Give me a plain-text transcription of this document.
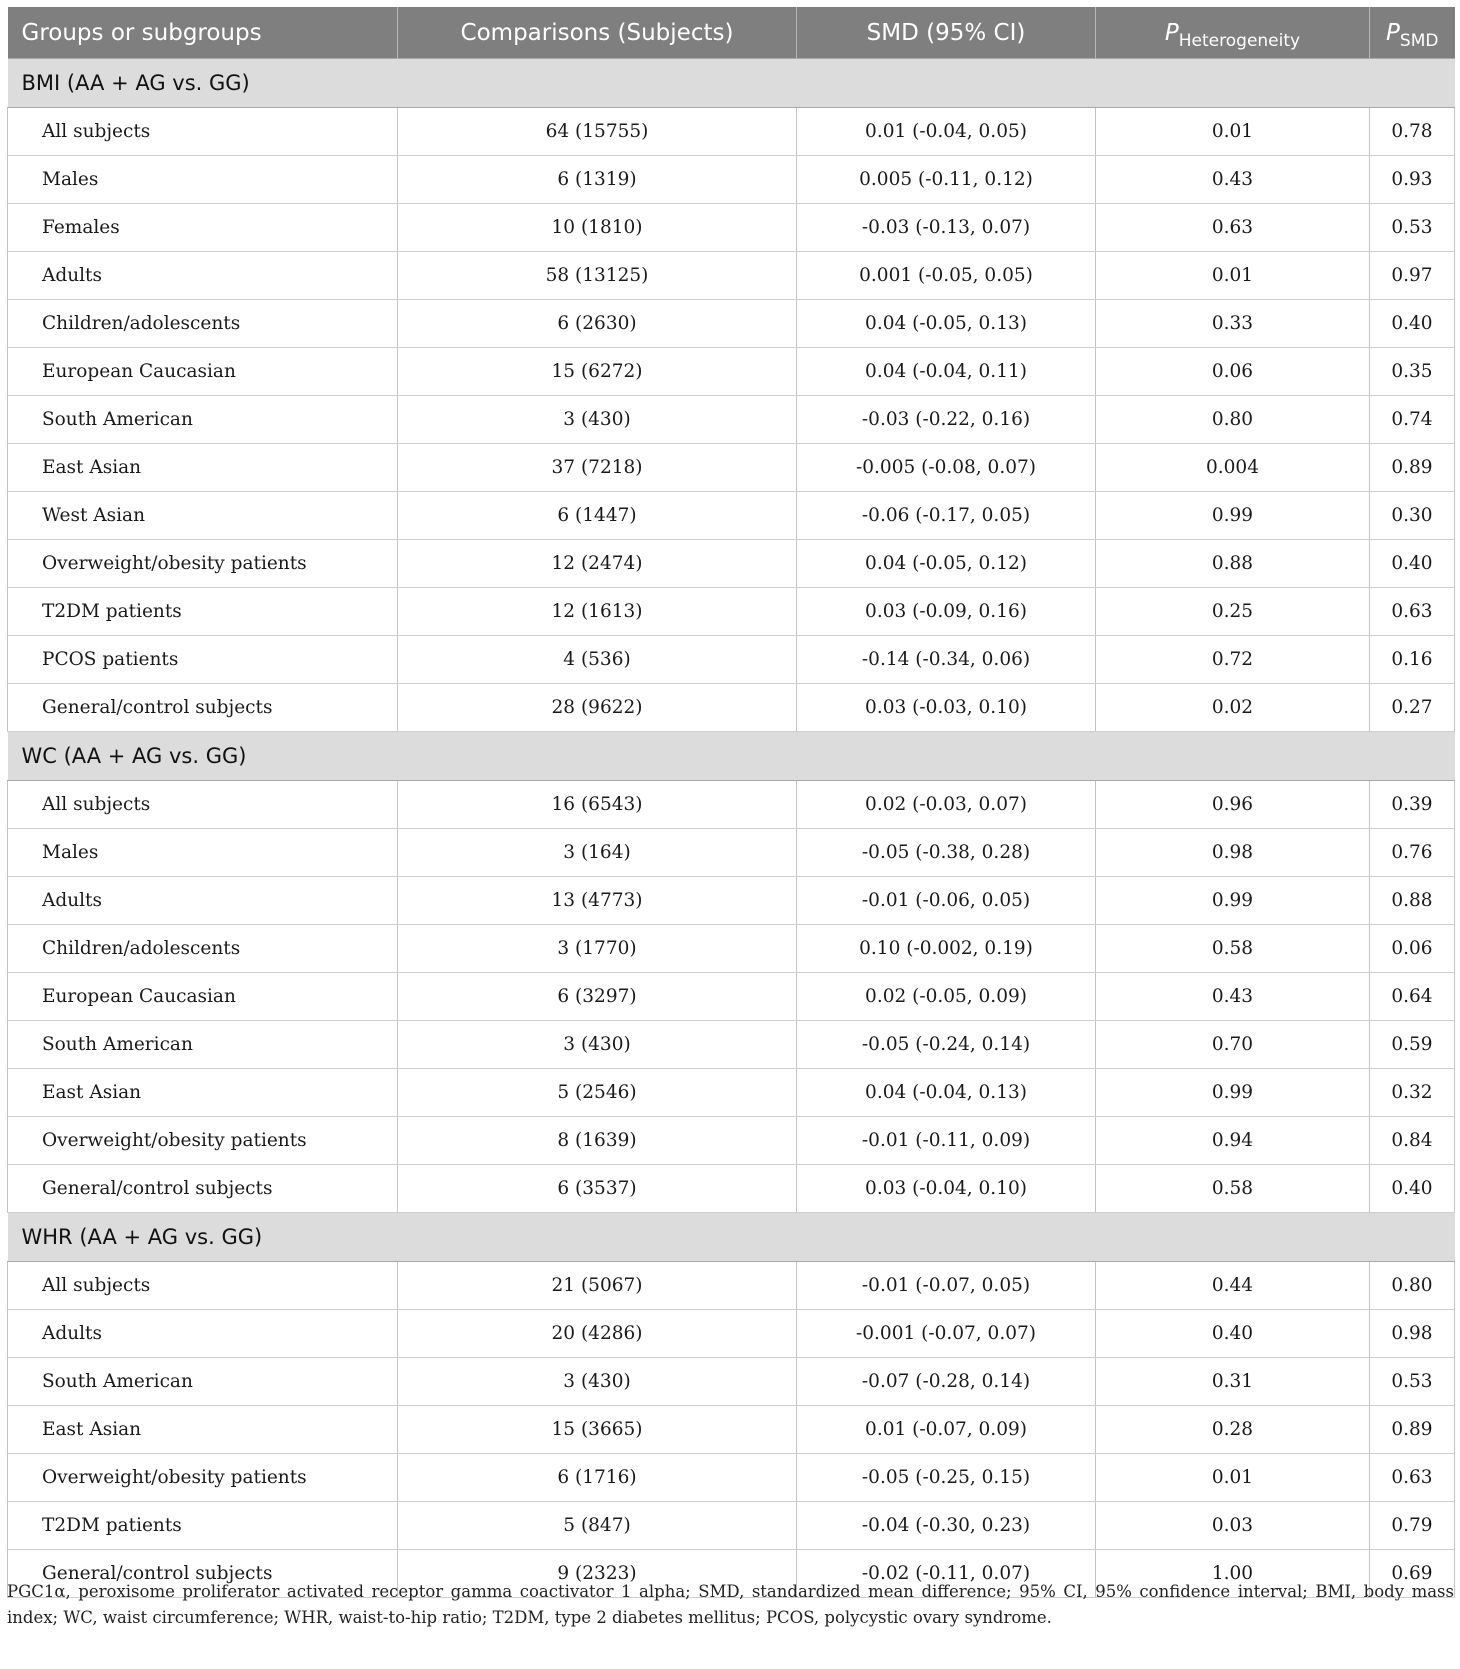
Groups or subgroups	Comparisons (Subjects)	SMD (95% CI)	$P_{Heterogeneity}$	$P_{SMD}$
BMI (AA + AG vs. GG)				
All subjects	64 (15755)	0.01 (-0.04, 0.05)	0.01	0.78
Males	6 (1319)	0.005 (-0.11, 0.12)	0.43	0.93
Females	10 (1810)	-0.03 (-0.13, 0.07)	0.63	0.53
Adults	58 (13125)	0.001 (-0.05, 0.05)	0.01	0.97
Children/adolescents	6 (2630)	0.04 (-0.05, 0.13)	0.33	0.40
European Caucasian	15 (6272)	0.04 (-0.04, 0.11)	0.06	0.35
South American	3 (430)	-0.03 (-0.22, 0.16)	0.80	0.74
East Asian	37 (7218)	-0.005 (-0.08, 0.07)	0.004	0.89
West Asian	6 (1447)	-0.06 (-0.17, 0.05)	0.99	0.30
Overweight/obesity patients	12 (2474)	0.04 (-0.05, 0.12)	0.88	0.40
T2DM patients	12 (1613)	0.03 (-0.09, 0.16)	0.25	0.63
PCOS patients	4 (536)	-0.14 (-0.34, 0.06)	0.72	0.16
General/control subjects	28 (9622)	0.03 (-0.03, 0.10)	0.02	0.27
WC (AA + AG vs. GG)				
All subjects	16 (6543)	0.02 (-0.03, 0.07)	0.96	0.39
Males	3 (164)	-0.05 (-0.38, 0.28)	0.98	0.76
Adults	13 (4773)	-0.01 (-0.06, 0.05)	0.99	0.88
Children/adolescents	3 (1770)	0.10 (-0.002, 0.19)	0.58	0.06
European Caucasian	6 (3297)	0.02 (-0.05, 0.09)	0.43	0.64
South American	3 (430)	-0.05 (-0.24, 0.14)	0.70	0.59
East Asian	5 (2546)	0.04 (-0.04, 0.13)	0.99	0.32
Overweight/obesity patients	8 (1639)	-0.01 (-0.11, 0.09)	0.94	0.84
General/control subjects	6 (3537)	0.03 (-0.04, 0.10)	0.58	0.40
WHR (AA + AG vs. GG)				
All subjects	21 (5067)	-0.01 (-0.07, 0.05)	0.44	0.80
Adults	20 (4286)	-0.001 (-0.07, 0.07)	0.40	0.98
South American	3 (430)	-0.07 (-0.28, 0.14)	0.31	0.53
East Asian	15 (3665)	0.01 (-0.07, 0.09)	0.28	0.89
Overweight/obesity patients	6 (1716)	-0.05 (-0.25, 0.15)	0.01	0.63
T2DM patients	5 (847)	-0.04 (-0.30, 0.23)	0.03	0.79
General/control subjects	9 (2323)	-0.02 (-0.11, 0.07)	1.00	0.69
PGC1α, peroxisome proliferator activated receptor gamma coactivator 1 alpha; SMD, standardized mean difference; 95% CI, 95% confidence interval; BMI, body mass index; WC, waist circumference; WHR, waist-to-hip ratio; T2DM, type 2 diabetes mellitus; PCOS, polycystic ovary syndrome.
